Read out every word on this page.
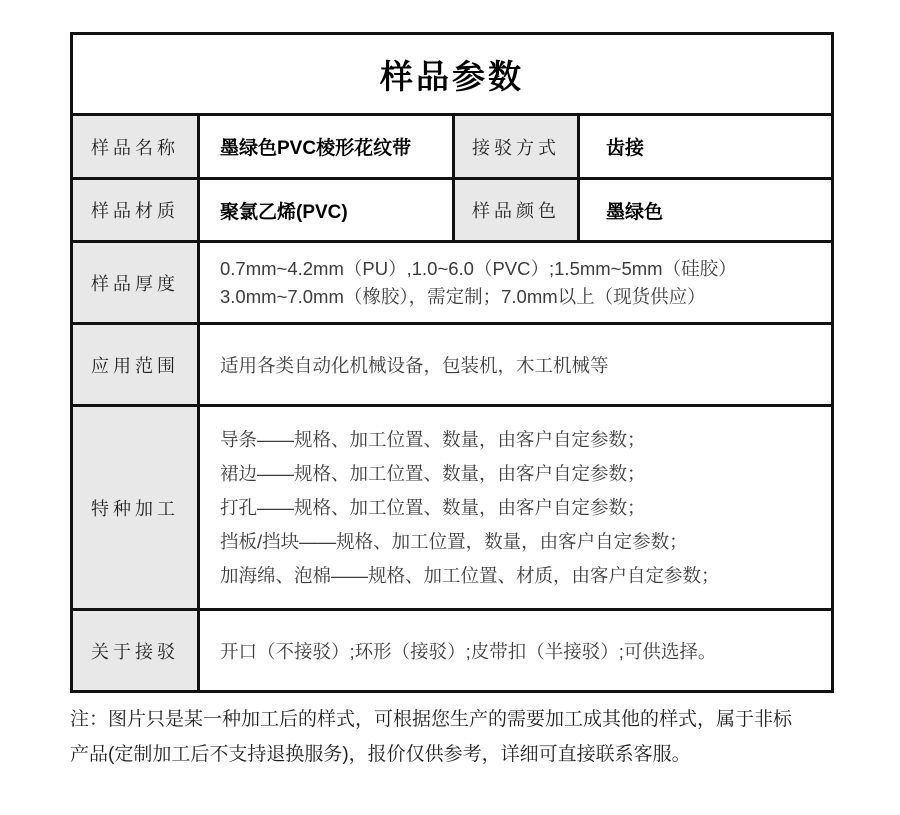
样品参数			
样品名称	墨绿色PVC棱形花纹带	接驳方式	齿接
样品材质	聚氯乙烯(PVC)	样品颜色	墨绿色
样品厚度	0.7mm~4.2mm（PU）,1.0~6.0（PVC）;1.5mm~5mm（硅胶）
3.0mm~7.0mm（橡胶），需定制；7.0mm以上（现货供应）		

应用范围	适用各类自动化机械设备，包装机，木工机械等		
特种加工	导条——规格、加工位置、数量，由客户自定参数；
裙边——规格、加工位置、数量，由客户自定参数；
打孔——规格、加工位置、数量，由客户自定参数；
挡板/挡块——规格、加工位置，数量，由客户自定参数；
加海绵、泡棉——规格、加工位置、材质，由客户自定参数；		

关于接驳	开口（不接驳）;环形（接驳）;皮带扣（半接驳）;可供选择。		
注：图片只是某一种加工后的样式，可根据您生产的需要加工成其他的样式，属于非标
产品(定制加工后不支持退换服务)，报价仅供参考，详细可直接联系客服。
